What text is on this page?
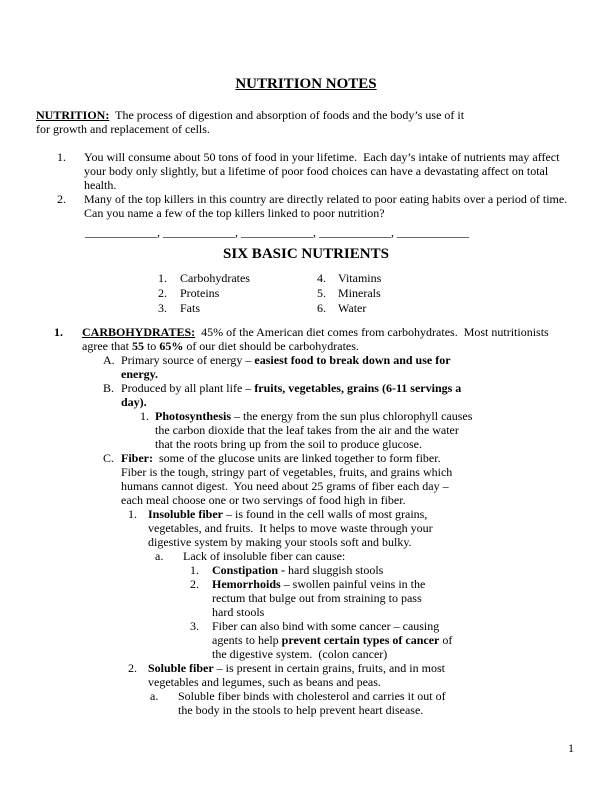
NUTRITION NOTES

NUTRITION:  The process of digestion and absorption of foods and the body’s use of it
for growth and replacement of cells.

1.	You will consume about 50 tons of food in your lifetime.  Each day’s intake of nutrients may affect
your body only slightly, but a lifetime of poor food choices can have a devastating affect on total
health.
2.	Many of the top killers in this country are directly related to poor eating habits over a period of time.
Can you name a few of the top killers linked to poor nutrition?
____________, ____________, ____________, ____________, ____________
SIX BASIC NUTRIENTS
1.	Carbohydrates	4.	Vitamins
2.	Proteins	5.	Minerals
3.	Fats	6.	Water
1.	CARBOHYDRATES:  45% of the American diet comes from carbohydrates.  Most nutritionists
agree that 55 to 65% of our diet should be carbohydrates.
A. Primary source of energy – easiest food to break down and use for
energy.
B. Produced by all plant life – fruits, vegetables, grains (6-11 servings a
day).
1. Photosynthesis – the energy from the sun plus chlorophyll causes
the carbon dioxide that the leaf takes from the air and the water
that the roots bring up from the soil to produce glucose.
C. Fiber:  some of the glucose units are linked together to form fiber.
Fiber is the tough, stringy part of vegetables, fruits, and grains which
humans cannot digest.  You need about 25 grams of fiber each day –
each meal choose one or two servings of food high in fiber.
1. Insoluble fiber – is found in the cell walls of most grains,
vegetables, and fruits.  It helps to move waste through your
digestive system by making your stools soft and bulky.
a.	Lack of insoluble fiber can cause:
1.	Constipation - hard sluggish stools
2.	Hemorrhoids – swollen painful veins in the
rectum that bulge out from straining to pass
hard stools
3.	Fiber can also bind with some cancer – causing
agents to help prevent certain types of cancer of
the digestive system.  (colon cancer)
2. Soluble fiber – is present in certain grains, fruits, and in most
vegetables and legumes, such as beans and peas.
a.	Soluble fiber binds with cholesterol and carries it out of
the body in the stools to help prevent heart disease.
1
